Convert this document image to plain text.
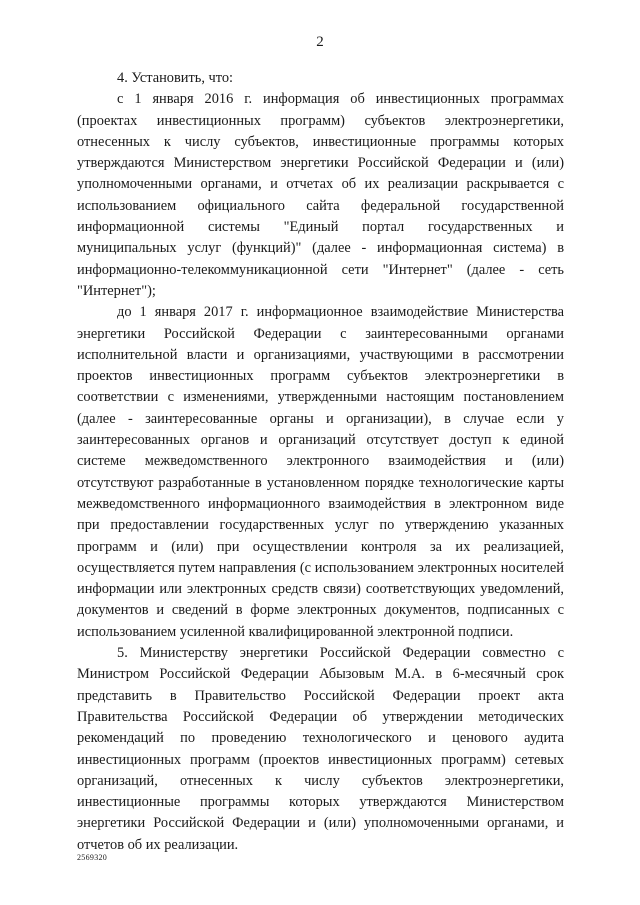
2

4. Установить, что:

с 1 января 2016 г. информация об инвестиционных программах (проектах инвестиционных программ) субъектов электроэнергетики, отнесенных к числу субъектов, инвестиционные программы которых утверждаются Министерством энергетики Российской Федерации и (или) уполномоченными органами, и отчетах об их реализации раскрывается с использованием официального сайта федеральной государственной информационной системы "Единый портал государственных и муниципальных услуг (функций)" (далее - информационная система) в информационно-телекоммуникационной сети "Интернет" (далее - сеть "Интернет");

до 1 января 2017 г. информационное взаимодействие Министерства энергетики Российской Федерации с заинтересованными органами исполнительной власти и организациями, участвующими в рассмотрении проектов инвестиционных программ субъектов электроэнергетики в соответствии с изменениями, утвержденными настоящим постановлением (далее - заинтересованные органы и организации), в случае если у заинтересованных органов и организаций отсутствует доступ к единой системе межведомственного электронного взаимодействия и (или) отсутствуют разработанные в установленном порядке технологические карты межведомственного информационного взаимодействия в электронном виде при предоставлении государственных услуг по утверждению указанных программ и (или) при осуществлении контроля за их реализацией, осуществляется путем направления (с использованием электронных носителей информации или электронных средств связи) соответствующих уведомлений, документов и сведений в форме электронных документов, подписанных с использованием усиленной квалифицированной электронной подписи.

5. Министерству энергетики Российской Федерации совместно с Министром Российской Федерации Абызовым М.А. в 6-месячный срок представить в Правительство Российской Федерации проект акта Правительства Российской Федерации об утверждении методических рекомендаций по проведению технологического и ценового аудита инвестиционных программ (проектов инвестиционных программ) сетевых организаций, отнесенных к числу субъектов электроэнергетики, инвестиционные программы которых утверждаются Министерством энергетики Российской Федерации и (или) уполномоченными органами, и отчетов об их реализации.

2569320
